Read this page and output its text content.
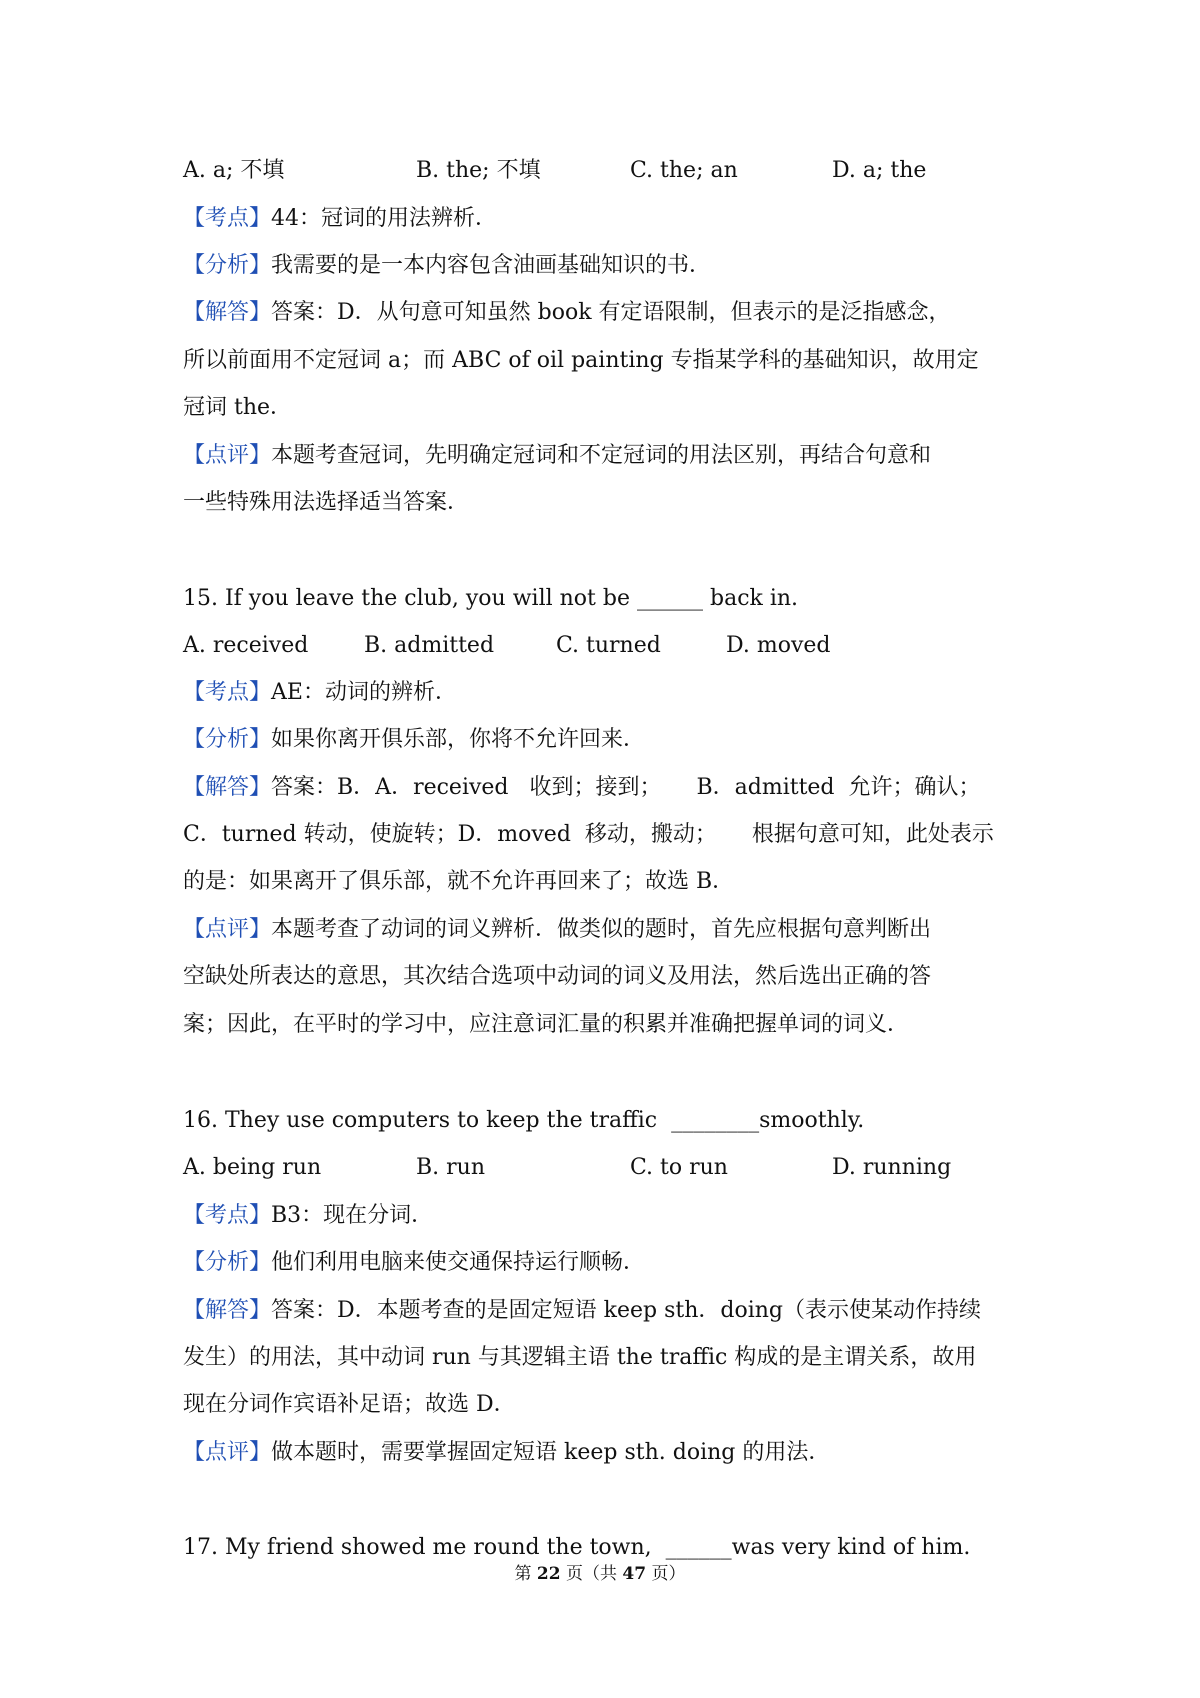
A. a; 不填	B. the; 不填	C. the; an	D. a; the
【考点】44：冠词的用法辨析．
【分析】我需要的是一本内容包含油画基础知识的书．
【解答】答案：D．从句意可知虽然 book 有定语限制，但表示的是泛指感念，
所以前面用不定冠词 a；而 ABC of oil painting 专指某学科的基础知识，故用定
冠词 the．
【点评】本题考查冠词，先明确定冠词和不定冠词的用法区别，再结合句意和
一些特殊用法选择适当答案．
15. If you leave the club, you will not be ______ back in.
A. received	B. admitted	C. turned	D. moved
【考点】AE：动词的辨析．
【分析】如果你离开俱乐部，你将不允许回来．
【解答】答案：B．A．received   收到；接到；     B．admitted  允许；确认；
C．turned 转动，使旋转；D．moved  移动，搬动；     根据句意可知，此处表示
的是：如果离开了俱乐部，就不允许再回来了；故选 B．
【点评】本题考查了动词的词义辨析．做类似的题时，首先应根据句意判断出
空缺处所表达的意思，其次结合选项中动词的词义及用法，然后选出正确的答
案；因此，在平时的学习中，应注意词汇量的积累并准确把握单词的词义．
16. They use computers to keep the traffic  ________smoothly.
A. being run	B. run	C. to run	D. running
【考点】B3：现在分词．
【分析】他们利用电脑来使交通保持运行顺畅．
【解答】答案：D．本题考查的是固定短语 keep sth．doing（表示使某动作持续
发生）的用法，其中动词 run 与其逻辑主语 the traffic 构成的是主谓关系，故用
现在分词作宾语补足语；故选 D．
【点评】做本题时，需要掌握固定短语 keep sth. doing 的用法．
17. My friend showed me round the town,  ______was very kind of him.
第 22 页（共 47 页）
